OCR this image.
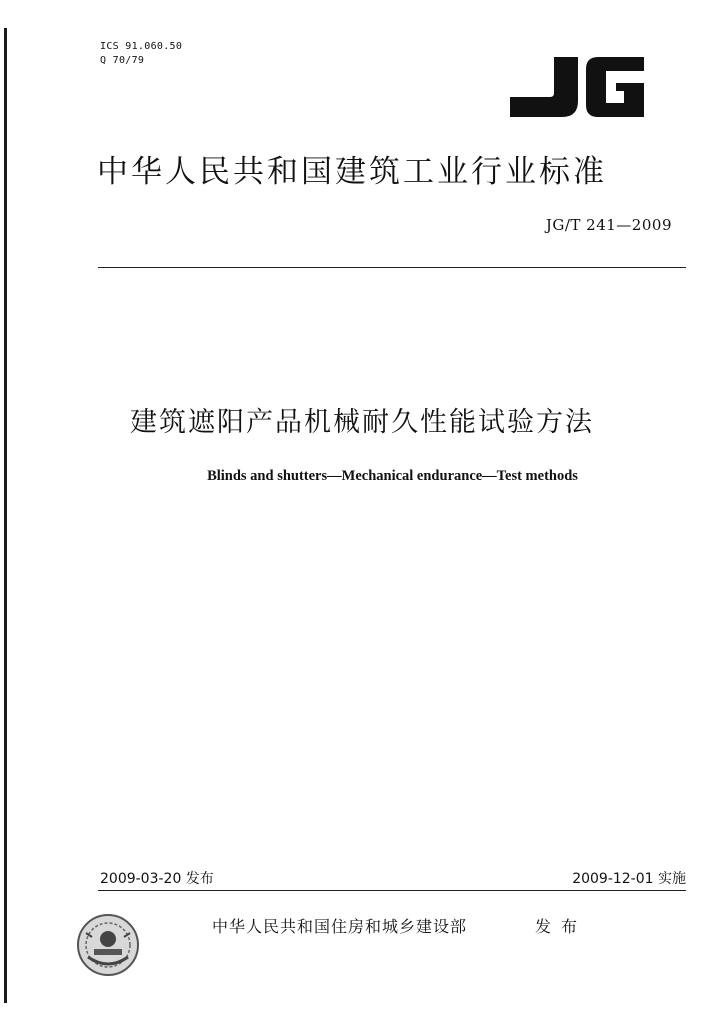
ICS 91.060.50
Q 70/79
中华人民共和国建筑工业行业标准
JG/T 241—2009
建筑遮阳产品机械耐久性能试验方法
Blinds and shutters—Mechanical endurance—Test methods
2009-03-20 发布	2009-12-01 实施
中华人民共和国住房和城乡建设部	发布
